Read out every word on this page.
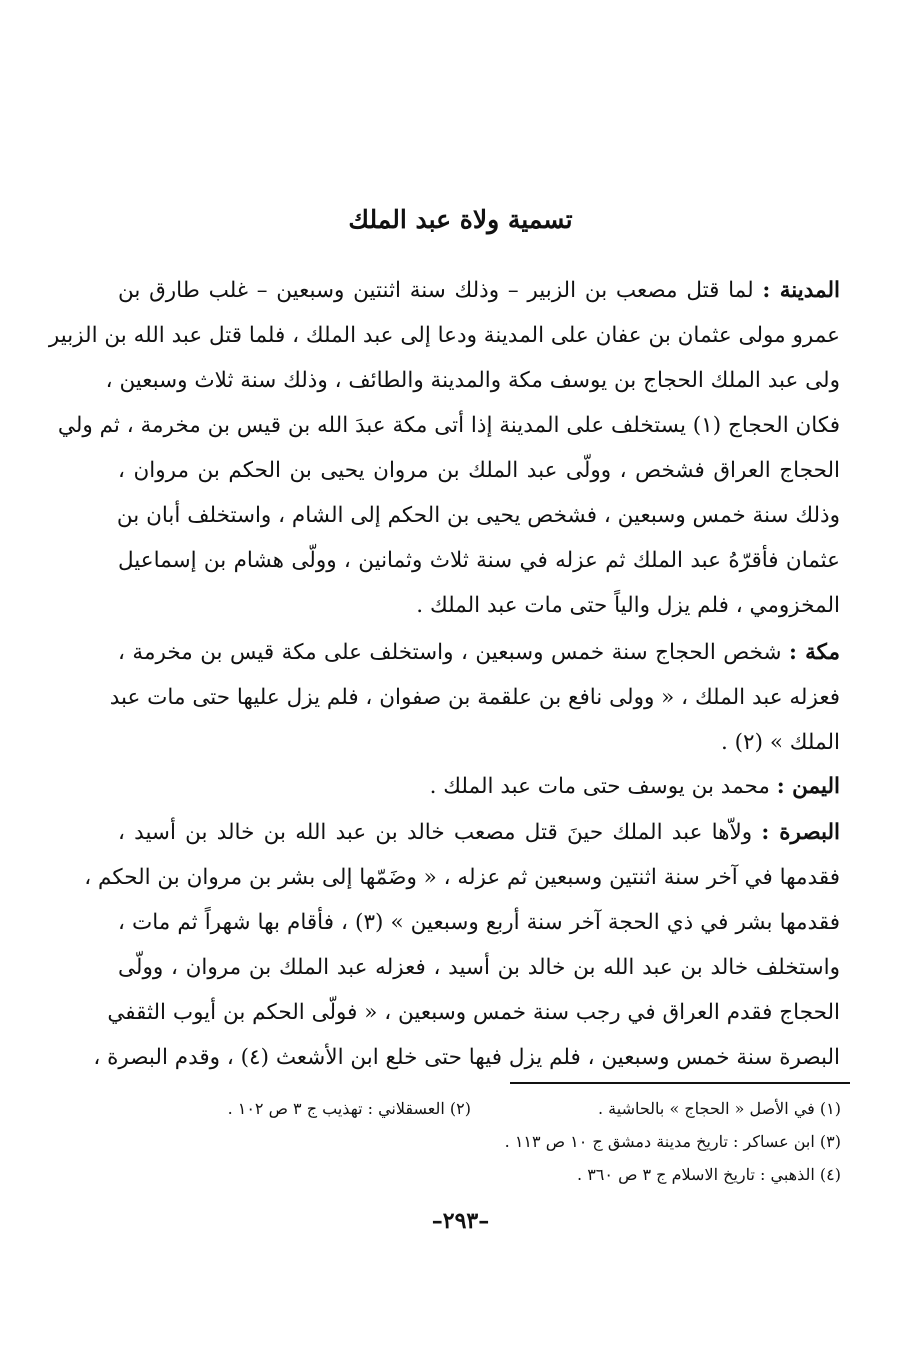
تسمية ولاة عبد الملك
المدينة : لما قتل مصعب بن الزبير – وذلك سنة اثنتين وسبعين – غلب طارق بن
عمرو مولى عثمان بن عفان على المدينة ودعا إلى عبد الملك ، فلما قتل عبد الله بن الزبير
ولى عبد الملك الحجاج بن يوسف مكة والمدينة والطائف ، وذلك سنة ثلاث وسبعين ،
فكان الحجاج (١) يستخلف على المدينة إذا أتى مكة عبدَ الله بن قيس بن مخرمة ، ثم ولي
الحجاج العراق فشخص ، وولّى عبد الملك بن مروان يحيى بن الحكم بن مروان ،
وذلك سنة خمس وسبعين ، فشخص يحيى بن الحكم إلى الشام ، واستخلف أبان بن
عثمان فأقرّهُ عبد الملك ثم عزله في سنة ثلاث وثمانين ، وولّى هشام بن إسماعيل
المخزومي ، فلم يزل والياً حتى مات عبد الملك .
مكة : شخص الحجاج سنة خمس وسبعين ، واستخلف على مكة قيس بن مخرمة ،
فعزله عبد الملك ، « وولى نافع بن علقمة بن صفوان ، فلم يزل عليها حتى مات عبد
الملك » (٢) .
اليمن : محمد بن يوسف حتى مات عبد الملك .
البصرة : ولاّها عبد الملك حينَ قتل مصعب خالد بن عبد الله بن خالد بن أسيد ،
فقدمها في آخر سنة اثنتين وسبعين ثم عزله ، « وضَمّها إلى بشر بن مروان بن الحكم ،
فقدمها بشر في ذي الحجة آخر سنة أربع وسبعين » (٣) ، فأقام بها شهراً ثم مات ،
واستخلف خالد بن عبد الله بن خالد بن أسيد ، فعزله عبد الملك بن مروان ، وولّى
الحجاج فقدم العراق في رجب سنة خمس وسبعين ، « فولّى الحكم بن أيوب الثقفي
البصرة سنة خمس وسبعين ، فلم يزل فيها حتى خلع ابن الأشعث (٤) ، وقدم البصرة ،
(١) في الأصل « الحجاج » بالحاشية .
(٢) العسقلاني : تهذيب ج ٣ ص ١٠٢ .
(٣) ابن عساكر : تاريخ مدينة دمشق ج ١٠ ص ١١٣ .
(٤) الذهبي : تاريخ الاسلام ج ٣ ص ٣٦٠ .
–٢٩٣–
